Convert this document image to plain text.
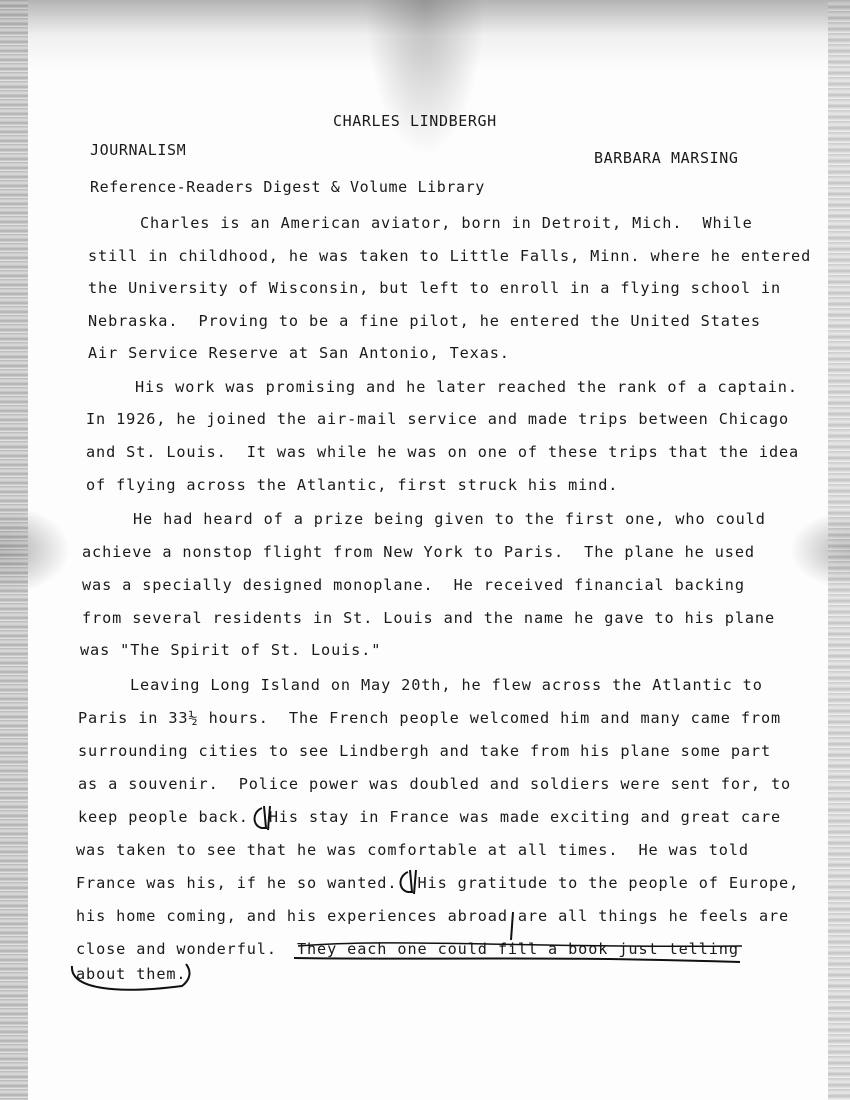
CHARLES LINDBERGH
JOURNALISM	BARBARA MARSING
Reference-Readers Digest & Volume Library
Charles is an American aviator, born in Detroit, Mich.  While
still in childhood, he was taken to Little Falls, Minn. where he entered
the University of Wisconsin, but left to enroll in a flying school in
Nebraska.  Proving to be a fine pilot, he entered the United States
Air Service Reserve at San Antonio, Texas.
His work was promising and he later reached the rank of a captain.
In 1926, he joined the air-mail service and made trips between Chicago
and St. Louis.  It was while he was on one of these trips that the idea
of flying across the Atlantic, first struck his mind.
He had heard of a prize being given to the first one, who could
achieve a nonstop flight from New York to Paris.  The plane he used
was a specially designed monoplane.  He received financial backing
from several residents in St. Louis and the name he gave to his plane
was "The Spirit of St. Louis."
Leaving Long Island on May 20th, he flew across the Atlantic to
Paris in 33½ hours.  The French people welcomed him and many came from
surrounding cities to see Lindbergh and take from his plane some part
as a souvenir.  Police power was doubled and soldiers were sent for, to
keep people back.  His stay in France was made exciting and great care
was taken to see that he was comfortable at all times.  He was told
France was his, if he so wanted.  His gratitude to the people of Europe,
his home coming, and his experiences abroad are all things he feels are
close and wonderful.  They each one could fill a book just telling
about them.
